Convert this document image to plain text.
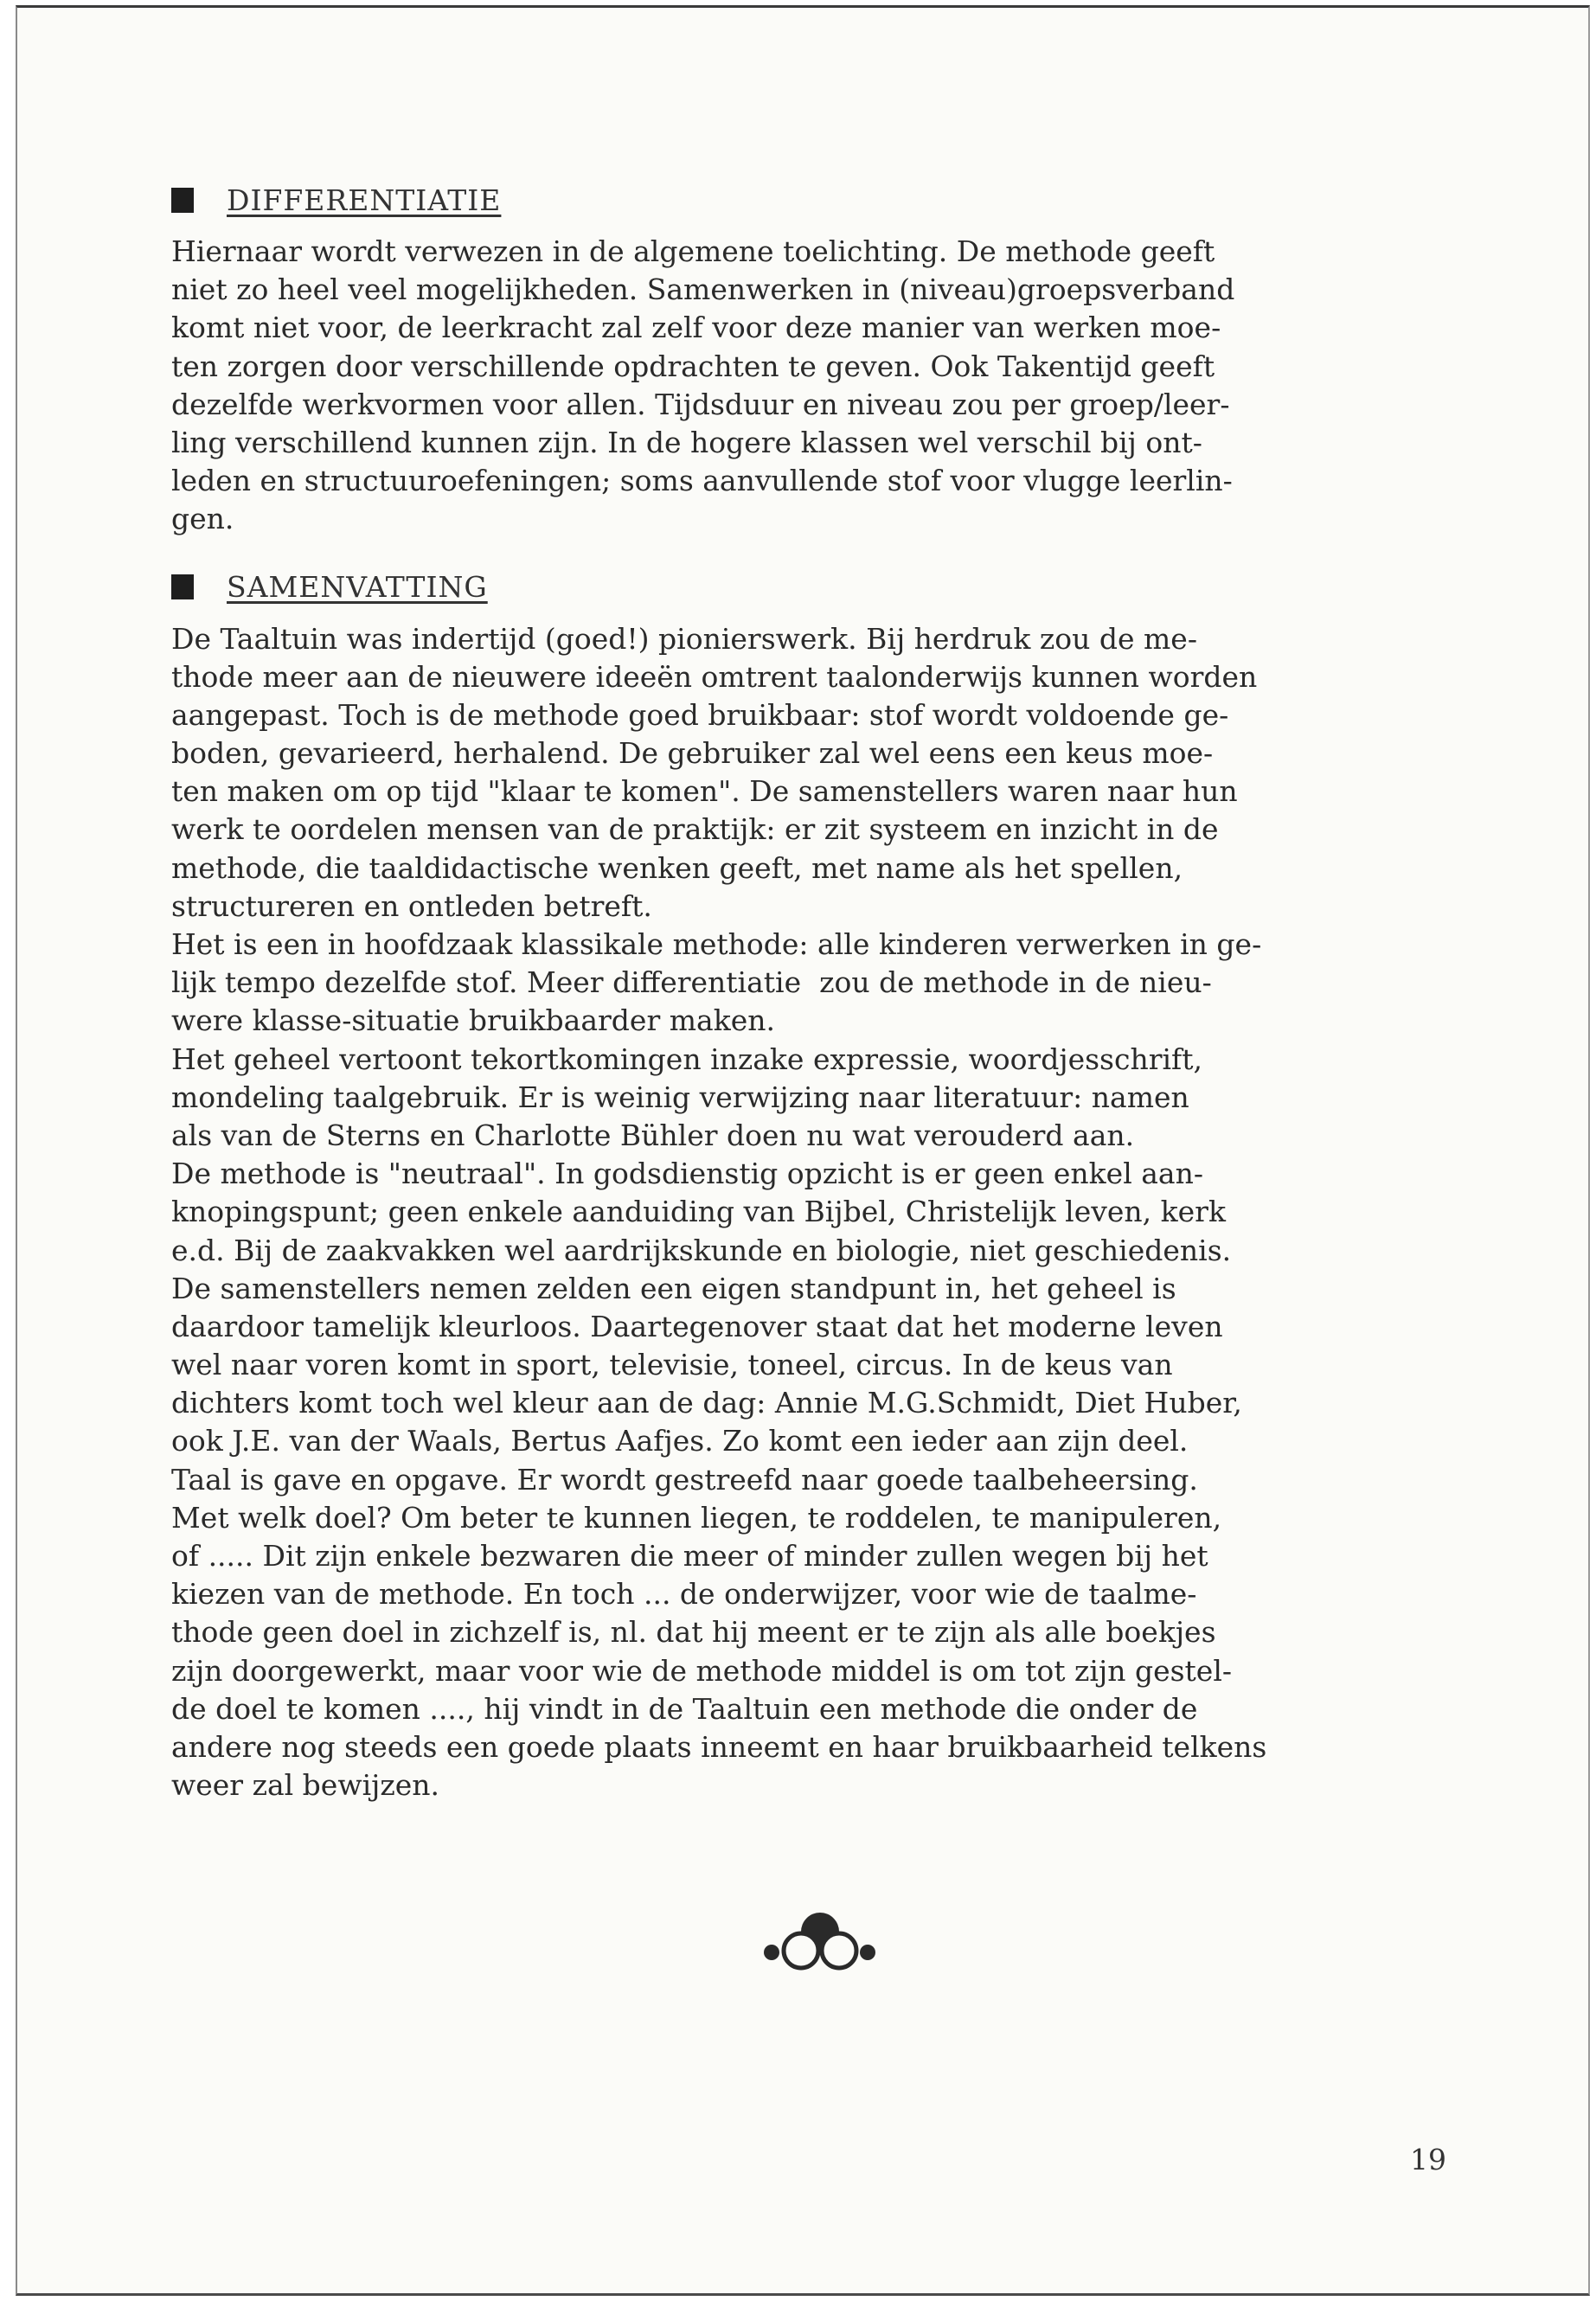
DIFFERENTIATIE
Hiernaar wordt verwezen in de algemene toelichting. De methode geeft
niet zo heel veel mogelijkheden. Samenwerken in (niveau)groepsverband
komt niet voor, de leerkracht zal zelf voor deze manier van werken moe-
ten zorgen door verschillende opdrachten te geven. Ook Takentijd geeft
dezelfde werkvormen voor allen. Tijdsduur en niveau zou per groep/leer-
ling verschillend kunnen zijn. In de hogere klassen wel verschil bij ont-
leden en structuuroefeningen; soms aanvullende stof voor vlugge leerlin-
gen.
SAMENVATTING
De Taaltuin was indertijd (goed!) pionierswerk. Bij herdruk zou de me-
thode meer aan de nieuwere ideeën omtrent taalonderwijs kunnen worden
aangepast. Toch is de methode goed bruikbaar: stof wordt voldoende ge-
boden, gevarieerd, herhalend. De gebruiker zal wel eens een keus moe-
ten maken om op tijd "klaar te komen". De samenstellers waren naar hun
werk te oordelen mensen van de praktijk: er zit systeem en inzicht in de
methode, die taaldidactische wenken geeft, met name als het spellen,
structureren en ontleden betreft.
Het is een in hoofdzaak klassikale methode: alle kinderen verwerken in ge-
lijk tempo dezelfde stof. Meer differentiatie  zou de methode in de nieu-
were klasse-situatie bruikbaarder maken.
Het geheel vertoont tekortkomingen inzake expressie, woordjesschrift,
mondeling taalgebruik. Er is weinig verwijzing naar literatuur: namen
als van de Sterns en Charlotte Bühler doen nu wat verouderd aan.
De methode is "neutraal". In godsdienstig opzicht is er geen enkel aan-
knopingspunt; geen enkele aanduiding van Bijbel, Christelijk leven, kerk
e.d. Bij de zaakvakken wel aardrijkskunde en biologie, niet geschiedenis.
De samenstellers nemen zelden een eigen standpunt in, het geheel is
daardoor tamelijk kleurloos. Daartegenover staat dat het moderne leven
wel naar voren komt in sport, televisie, toneel, circus. In de keus van
dichters komt toch wel kleur aan de dag: Annie M.G.Schmidt, Diet Huber,
ook J.E. van der Waals, Bertus Aafjes. Zo komt een ieder aan zijn deel.
Taal is gave en opgave. Er wordt gestreefd naar goede taalbeheersing.
Met welk doel? Om beter te kunnen liegen, te roddelen, te manipuleren,
of ..... Dit zijn enkele bezwaren die meer of minder zullen wegen bij het
kiezen van de methode. En toch ... de onderwijzer, voor wie de taalme-
thode geen doel in zichzelf is, nl. dat hij meent er te zijn als alle boekjes
zijn doorgewerkt, maar voor wie de methode middel is om tot zijn gestel-
de doel te komen ...., hij vindt in de Taaltuin een methode die onder de
andere nog steeds een goede plaats inneemt en haar bruikbaarheid telkens
weer zal bewijzen.
19
